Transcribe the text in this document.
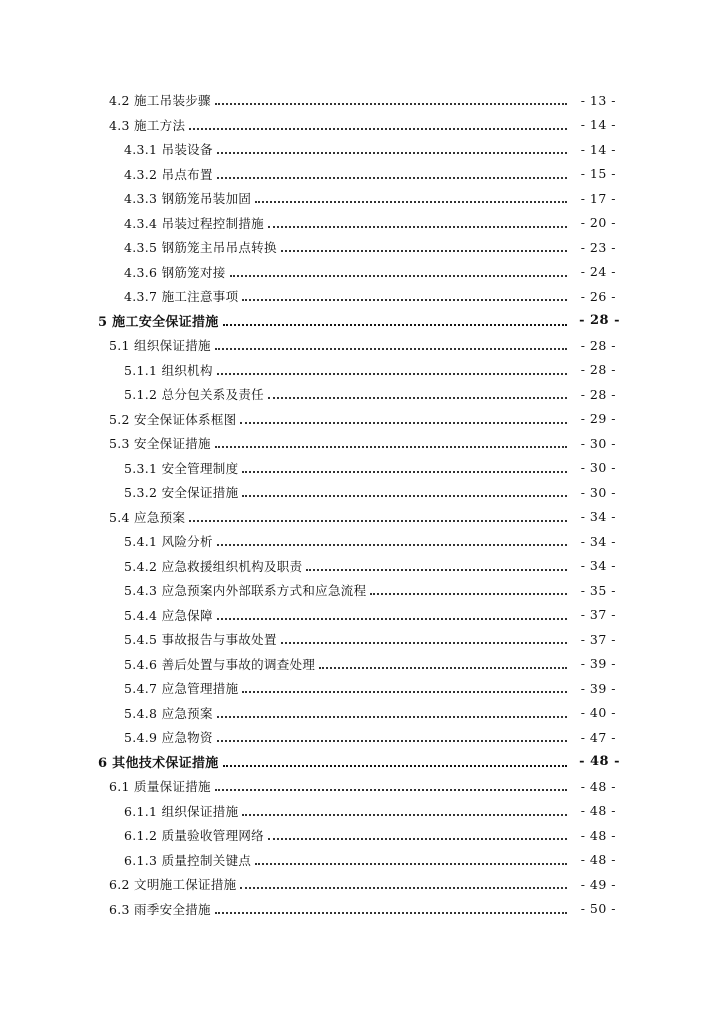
4.2 施工吊装步骤	- 13 -
4.3 施工方法	- 14 -
4.3.1 吊装设备	- 14 -
4.3.2 吊点布置	- 15 -
4.3.3 钢筋笼吊装加固	- 17 -
4.3.4 吊装过程控制措施	- 20 -
4.3.5 钢筋笼主吊吊点转换	- 23 -
4.3.6 钢筋笼对接	- 24 -
4.3.7 施工注意事项	- 26 -
5 施工安全保证措施	- 28 -
5.1 组织保证措施	- 28 -
5.1.1 组织机构	- 28 -
5.1.2 总分包关系及责任	- 28 -
5.2 安全保证体系框图	- 29 -
5.3 安全保证措施	- 30 -
5.3.1 安全管理制度	- 30 -
5.3.2 安全保证措施	- 30 -
5.4 应急预案	- 34 -
5.4.1 风险分析	- 34 -
5.4.2 应急救援组织机构及职责	- 34 -
5.4.3 应急预案内外部联系方式和应急流程	- 35 -
5.4.4 应急保障	- 37 -
5.4.5 事故报告与事故处置	- 37 -
5.4.6 善后处置与事故的调查处理	- 39 -
5.4.7 应急管理措施	- 39 -
5.4.8 应急预案	- 40 -
5.4.9 应急物资	- 47 -
6 其他技术保证措施	- 48 -
6.1 质量保证措施	- 48 -
6.1.1 组织保证措施	- 48 -
6.1.2 质量验收管理网络	- 48 -
6.1.3 质量控制关键点	- 48 -
6.2 文明施工保证措施	- 49 -
6.3 雨季安全措施	- 50 -
